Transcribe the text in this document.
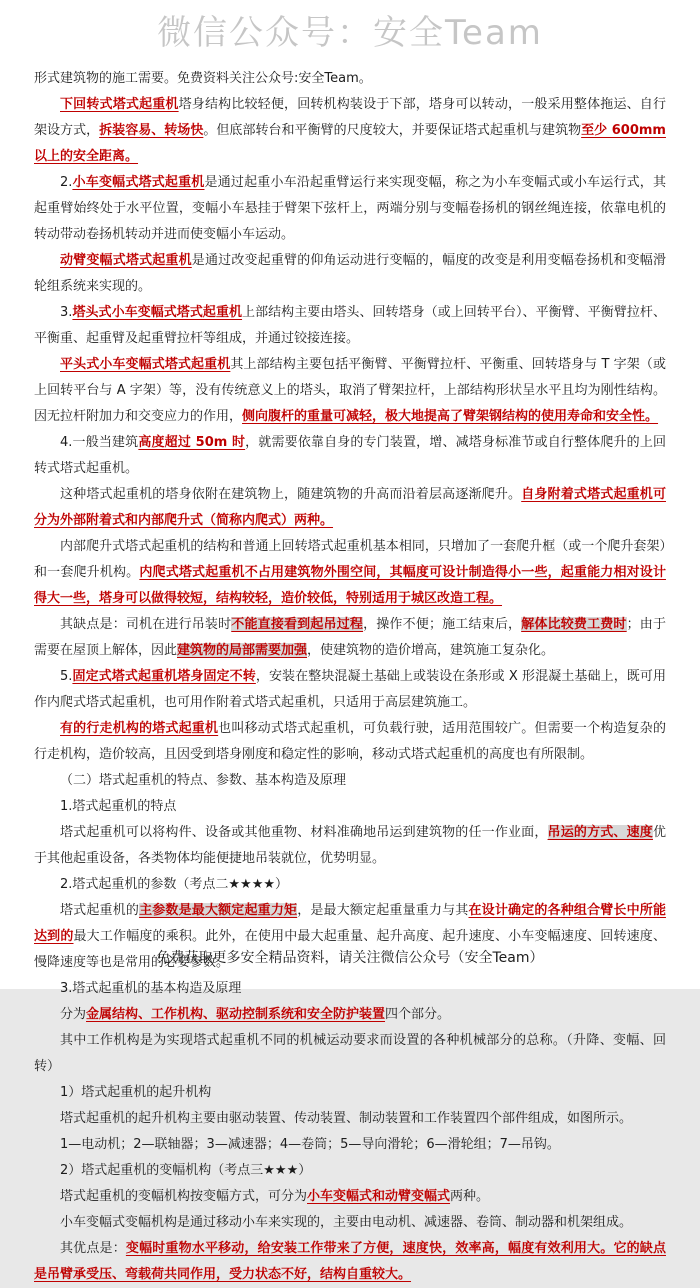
微信公众号：安全Team

形式建筑物的施工需要。免费资料关注公众号:安全Team。

下回转式塔式起重机塔身结构比较轻便，回转机构装设于下部，塔身可以转动，一般采用整体拖运、自行架设方式，拆装容易、转场快。但底部转台和平衡臂的尺度较大，并要保证塔式起重机与建筑物至少 600mm 以上的安全距离。

2.小车变幅式塔式起重机是通过起重小车沿起重臂运行来实现变幅，称之为小车变幅式或小车运行式，其起重臂始终处于水平位置，变幅小车悬挂于臂架下弦杆上，两端分别与变幅卷扬机的钢丝绳连接，依靠电机的转动带动卷扬机转动并进而使变幅小车运动。

动臂变幅式塔式起重机是通过改变起重臂的仰角运动进行变幅的，幅度的改变是利用变幅卷扬机和变幅滑轮组系统来实现的。

3.塔头式小车变幅式塔式起重机上部结构主要由塔头、回转塔身（或上回转平台）、平衡臂、平衡臂拉杆、平衡重、起重臂及起重臂拉杆等组成，并通过铰接连接。

平头式小车变幅式塔式起重机其上部结构主要包括平衡臂、平衡臂拉杆、平衡重、回转塔身与 T 字架（或上回转平台与 A 字架）等，没有传统意义上的塔头，取消了臂架拉杆，上部结构形状呈水平且均为刚性结构。因无拉杆附加力和交变应力的作用，侧向腹杆的重量可减轻，极大地提高了臂架钢结构的使用寿命和安全性。

4.一般当建筑高度超过 50m 时，就需要依靠自身的专门装置，增、减塔身标准节或自行整体爬升的上回转式塔式起重机。

这种塔式起重机的塔身依附在建筑物上，随建筑物的升高而沿着层高逐渐爬升。自身附着式塔式起重机可分为外部附着式和内部爬升式（简称内爬式）两种。

内部爬升式塔式起重机的结构和普通上回转塔式起重机基本相同，只增加了一套爬升框（或一个爬升套架）和一套爬升机构。内爬式塔式起重机不占用建筑物外围空间，其幅度可设计制造得小一些，起重能力相对设计得大一些，塔身可以做得较短，结构较轻，造价较低，特别适用于城区改造工程。

其缺点是：司机在进行吊装时不能直接看到起吊过程，操作不便；施工结束后，解体比较费工费时；由于需要在屋顶上解体，因此建筑物的局部需要加强，使建筑物的造价增高，建筑施工复杂化。

5.固定式塔式起重机塔身固定不转，安装在整块混凝土基础上或装设在条形或 X 形混凝土基础上，既可用作内爬式塔式起重机，也可用作附着式塔式起重机，只适用于高层建筑施工。

有的行走机构的塔式起重机也叫移动式塔式起重机，可负载行驶，适用范围较广。但需要一个构造复杂的行走机构，造价较高，且因受到塔身刚度和稳定性的影响，移动式塔式起重机的高度也有所限制。

（二）塔式起重机的特点、参数、基本构造及原理

1.塔式起重机的特点

塔式起重机可以将构件、设备或其他重物、材料准确地吊运到建筑物的任一作业面，吊运的方式、速度优于其他起重设备，各类物体均能便捷地吊装就位，优势明显。

2.塔式起重机的参数（考点二★★★★）

塔式起重机的主参数是最大额定起重力矩，是最大额定起重量重力与其在设计确定的各种组合臂长中所能达到的最大工作幅度的乘积。此外，在使用中最大起重量、起升高度、起升速度、小车变幅速度、回转速度、慢降速度等也是常用的必要参数。

3.塔式起重机的基本构造及原理

分为金属结构、工作机构、驱动控制系统和安全防护装置四个部分。

其中工作机构是为实现塔式起重机不同的机械运动要求而设置的各种机械部分的总称。（升降、变幅、回转）

1）塔式起重机的起升机构

塔式起重机的起升机构主要由驱动装置、传动装置、制动装置和工作装置四个部件组成，如图所示。

1—电动机；2—联轴器；3—减速器；4—卷筒；5—导向滑轮；6—滑轮组；7—吊钩。

2）塔式起重机的变幅机构（考点三★★★）

塔式起重机的变幅机构按变幅方式，可分为小车变幅式和动臂变幅式两种。

小车变幅式变幅机构是通过移动小车来实现的，主要由电动机、减速器、卷筒、制动器和机架组成。

其优点是：变幅时重物水平移动，给安装工作带来了方便，速度快，效率高，幅度有效利用大。它的缺点是吊臂承受压、弯载荷共同作用，受力状态不好，结构自重较大。

免费获取更多安全精品资料，请关注微信公众号（安全Team）
